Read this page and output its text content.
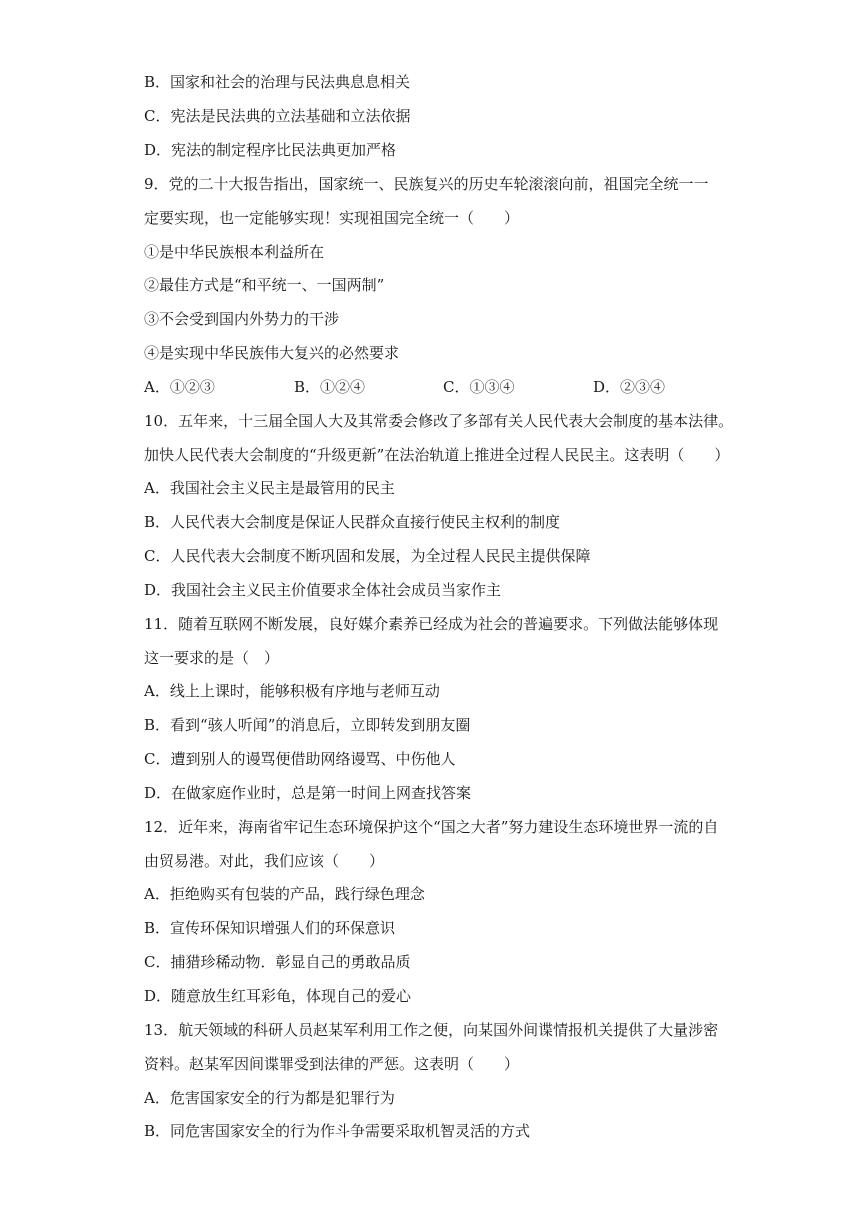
B．国家和社会的治理与民法典息息相关
C．宪法是民法典的立法基础和立法依据
D．宪法的制定程序比民法典更加严格
9．党的二十大报告指出，国家统一、民族复兴的历史车轮滚滚向前，祖国完全统一一
定要实现，也一定能够实现！实现祖国完全统一（　　）
①是中华民族根本利益所在
②最佳方式是“和平统一、一国两制”
③不会受到国内外势力的干涉
④是实现中华民族伟大复兴的必然要求
A．①②③	B．①②④	C．①③④	D．②③④
10．五年来，十三届全国人大及其常委会修改了多部有关人民代表大会制度的基本法律。
加快人民代表大会制度的“升级更新”在法治轨道上推进全过程人民民主。这表明（　　）
A．我国社会主义民主是最管用的民主
B．人民代表大会制度是保证人民群众直接行使民主权利的制度
C．人民代表大会制度不断巩固和发展，为全过程人民民主提供保障
D．我国社会主义民主价值要求全体社会成员当家作主
11．随着互联网不断发展，良好媒介素养已经成为社会的普遍要求。下列做法能够体现
这一要求的是（　）
A．线上上课时，能够积极有序地与老师互动
B．看到“骇人听闻”的消息后，立即转发到朋友圈
C．遭到别人的谩骂便借助网络谩骂、中伤他人
D．在做家庭作业时，总是第一时间上网查找答案
12．近年来，海南省牢记生态环境保护这个“国之大者”努力建设生态环境世界一流的自
由贸易港。对此，我们应该（　　）
A．拒绝购买有包装的产品，践行绿色理念
B．宣传环保知识增强人们的环保意识
C．捕猎珍稀动物．彰显自己的勇敢品质
D．随意放生红耳彩龟，体现自己的爱心
13．航天领域的科研人员赵某军利用工作之便，向某国外间谍情报机关提供了大量涉密
资料。赵某军因间谍罪受到法律的严惩。这表明（　　）
A．危害国家安全的行为都是犯罪行为
B．同危害国家安全的行为作斗争需要采取机智灵活的方式
